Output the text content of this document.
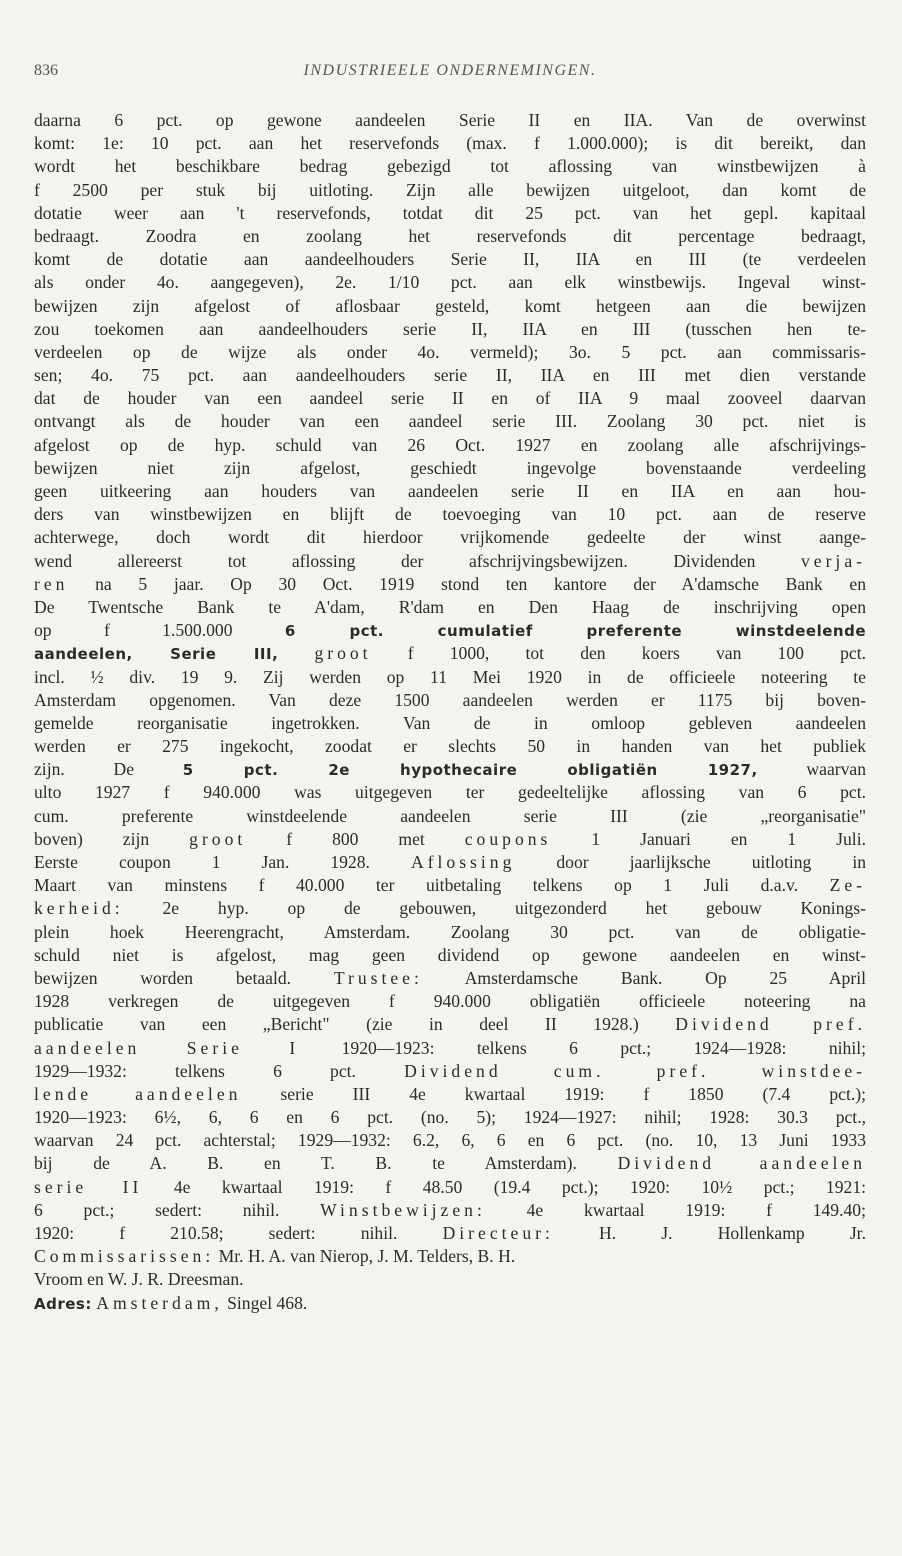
836	INDUSTRIEELE ONDERNEMINGEN.
daarna 6 pct. op gewone aandeelen Serie II en IIA. Van de overwinst
komt: 1e: 10 pct. aan het reservefonds (max. f 1.000.000); is dit bereikt, dan
wordt het beschikbare bedrag gebezigd tot aflossing van winstbewijzen à
f 2500 per stuk bij uitloting. Zijn alle bewijzen uitgeloot, dan komt de
dotatie weer aan 't reservefonds, totdat dit 25 pct. van het gepl. kapitaal
bedraagt. Zoodra en zoolang het reservefonds dit percentage bedraagt,
komt de dotatie aan aandeelhouders Serie II, IIA en III (te verdeelen
als onder 4o. aangegeven), 2e. 1/10 pct. aan elk winstbewijs. Ingeval winst-
bewijzen zijn afgelost of aflosbaar gesteld, komt hetgeen aan die bewijzen
zou toekomen aan aandeelhouders serie II, IIA en III (tusschen hen te-
verdeelen op de wijze als onder 4o. vermeld); 3o. 5 pct. aan commissaris-
sen; 4o. 75 pct. aan aandeelhouders serie II, IIA en III met dien verstande
dat de houder van een aandeel serie II en of IIA 9 maal zooveel daarvan
ontvangt als de houder van een aandeel serie III. Zoolang 30 pct. niet is
afgelost op de hyp. schuld van 26 Oct. 1927 en zoolang alle afschrijvings-
bewijzen niet zijn afgelost, geschiedt ingevolge bovenstaande verdeeling
geen uitkeering aan houders van aandeelen serie II en IIA en aan hou-
ders van winstbewijzen en blijft de toevoeging van 10 pct. aan de reserve
achterwege, doch wordt dit hierdoor vrijkomende gedeelte der winst aange-
wend allereerst tot aflossing der afschrijvingsbewijzen. Dividenden verja-
ren na 5 jaar. Op 30 Oct. 1919 stond ten kantore der A'damsche Bank en
De Twentsche Bank te A'dam, R'dam en Den Haag de inschrijving open
op f 1.500.000 6 pct. cumulatief preferente winstdeelende
aandeelen, Serie III, groot f 1000, tot den koers van 100 pct.
incl. ½ div. 19 9. Zij werden op 11 Mei 1920 in de officieele noteering te
Amsterdam opgenomen. Van deze 1500 aandeelen werden er 1175 bij boven-
gemelde reorganisatie ingetrokken. Van de in omloop gebleven aandeelen
werden er 275 ingekocht, zoodat er slechts 50 in handen van het publiek
zijn. De 5 pct. 2e hypothecaire obligatiën 1927, waarvan
ulto 1927 f 940.000 was uitgegeven ter gedeeltelijke aflossing van 6 pct.
cum. preferente winstdeelende aandeelen serie III (zie „reorganisatie"
boven) zijn groot f 800 met coupons 1 Januari en 1 Juli.
Eerste coupon 1 Jan. 1928. Aflossing door jaarlijksche uitloting in
Maart van minstens f 40.000 ter uitbetaling telkens op 1 Juli d.a.v. Ze-
kerheid: 2e hyp. op de gebouwen, uitgezonderd het gebouw Konings-
plein hoek Heerengracht, Amsterdam. Zoolang 30 pct. van de obligatie-
schuld niet is afgelost, mag geen dividend op gewone aandeelen en winst-
bewijzen worden betaald. Trustee: Amsterdamsche Bank. Op 25 April
1928 verkregen de uitgegeven f 940.000 obligatiën officieele noteering na
publicatie van een „Bericht" (zie in deel II 1928.) Dividend pref.
aandeelen Serie I 1920—1923: telkens 6 pct.; 1924—1928: nihil;
1929—1932: telkens 6 pct. Dividend cum. pref. winstdee-
lende aandeelen serie III 4e kwartaal 1919: f 1850 (7.4 pct.);
1920—1923: 6½, 6, 6 en 6 pct. (no. 5); 1924—1927: nihil; 1928: 30.3 pct.,
waarvan 24 pct. achterstal; 1929—1932: 6.2, 6, 6 en 6 pct. (no. 10, 13 Juni 1933
bij de A. B. en T. B. te Amsterdam). Dividend aandeelen
serie II 4e kwartaal 1919: f 48.50 (19.4 pct.); 1920: 10½ pct.; 1921:
6 pct.; sedert: nihil. Winstbewijzen: 4e kwartaal 1919: f 149.40;
1920: f 210.58; sedert: nihil. Directeur: H. J. Hollenkamp Jr.
Commissarissen: Mr. H. A. van Nierop, J. M. Telders, B. H.
Vroom en W. J. R. Dreesman.
Adres: Amsterdam, Singel 468.
